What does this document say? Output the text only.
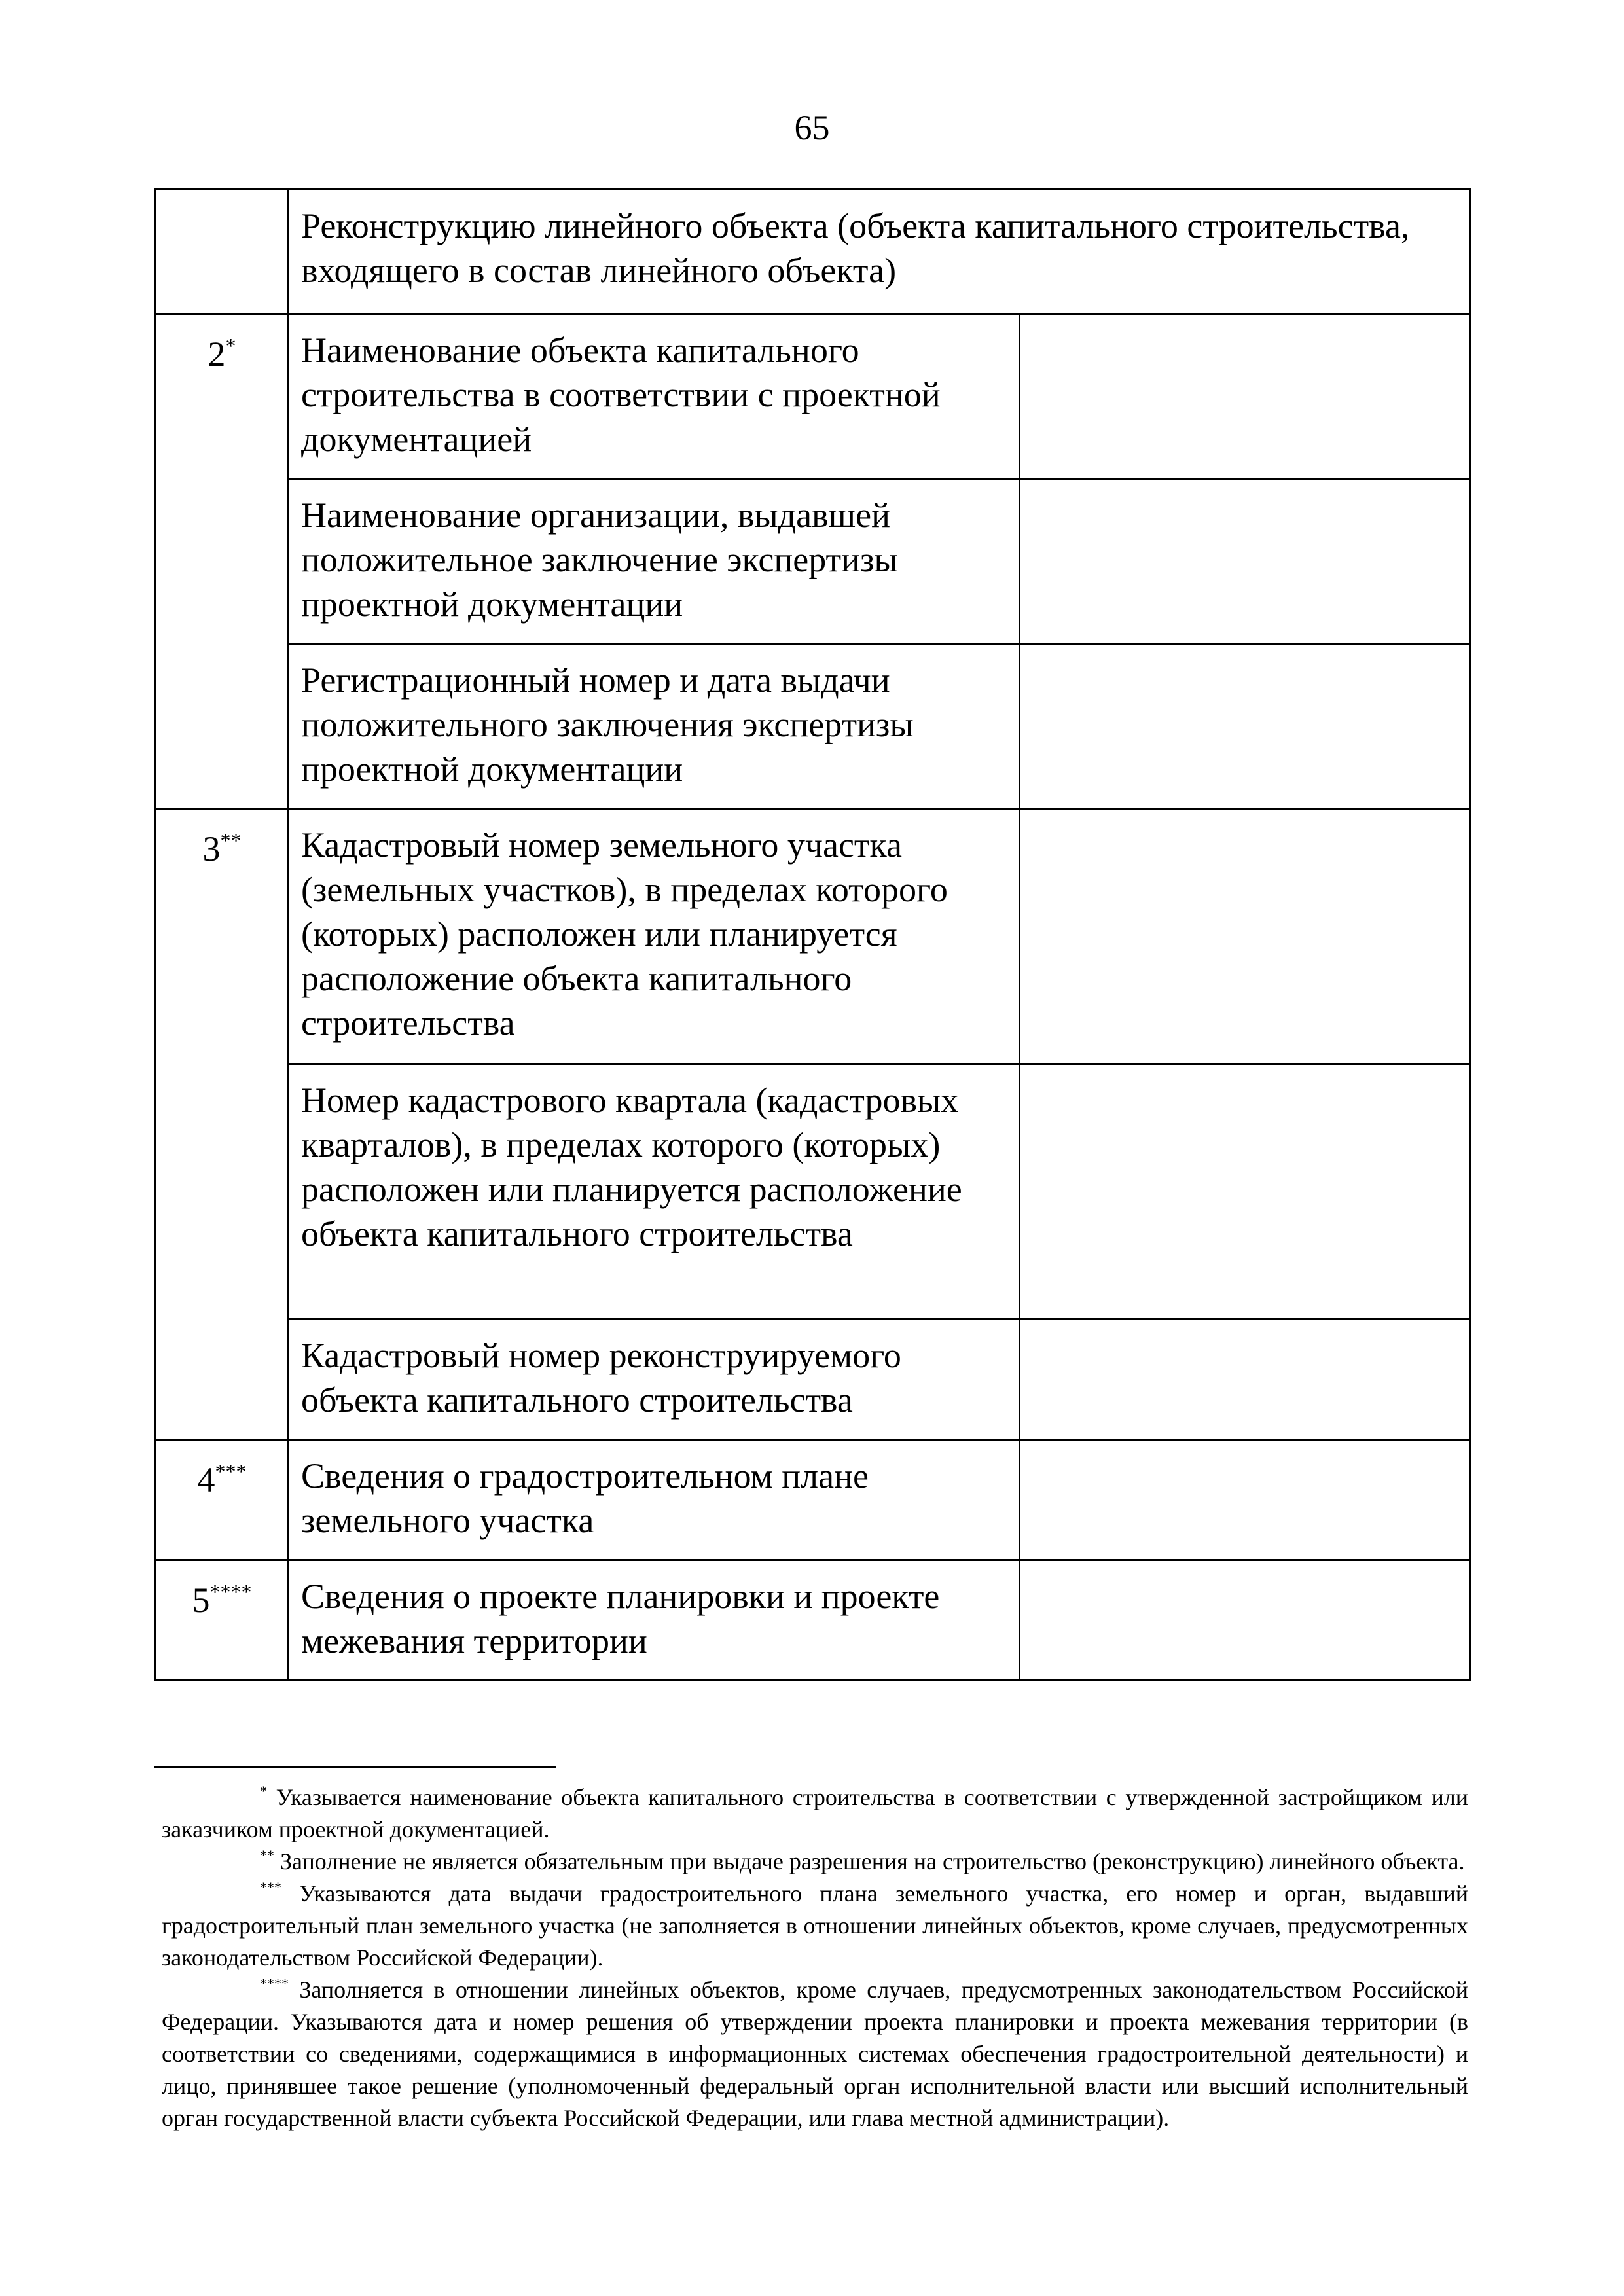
65
	Реконструкцию линейного объекта (объекта капитального строительства, входящего в состав линейного объекта)	
2*	Наименование объекта капитального строительства в соответствии с проектной документацией	
	Наименование организации, выдавшей положительное заключение экспертизы проектной документации	
	Регистрационный номер и дата выдачи положительного заключения экспертизы проектной документации	
3**	Кадастровый номер земельного участка (земельных участков), в пределах которого (которых) расположен или планируется расположение объекта капитального строительства	
	Номер кадастрового квартала (кадастровых кварталов), в пределах которого (которых) расположен или планируется расположение объекта капитального строительства	
	Кадастровый номер реконструируемого объекта капитального строительства	
4***	Сведения о градостроительном плане земельного участка	
5****	Сведения о проекте планировки и проекте межевания территории	

* Указывается наименование объекта капитального строительства в соответствии с утвержденной застройщиком или заказчиком проектной документацией.

** Заполнение не является обязательным при выдаче разрешения на строительство (реконструкцию) линейного объекта.

*** Указываются дата выдачи градостроительного плана земельного участка, его номер и орган, выдавший градостроительный план земельного участка (не заполняется в отношении линейных объектов, кроме случаев, предусмотренных законодательством Российской Федерации).

**** Заполняется в отношении линейных объектов, кроме случаев, предусмотренных законодательством Российской Федерации. Указываются дата и номер решения об утверждении проекта планировки и проекта межевания территории (в соответствии со сведениями, содержащимися в информационных системах обеспечения градостроительной деятельности) и лицо, принявшее такое решение (уполномоченный федеральный орган исполнительной власти или высший исполнительный орган государственной власти субъекта Российской Федерации, или глава местной администрации).
